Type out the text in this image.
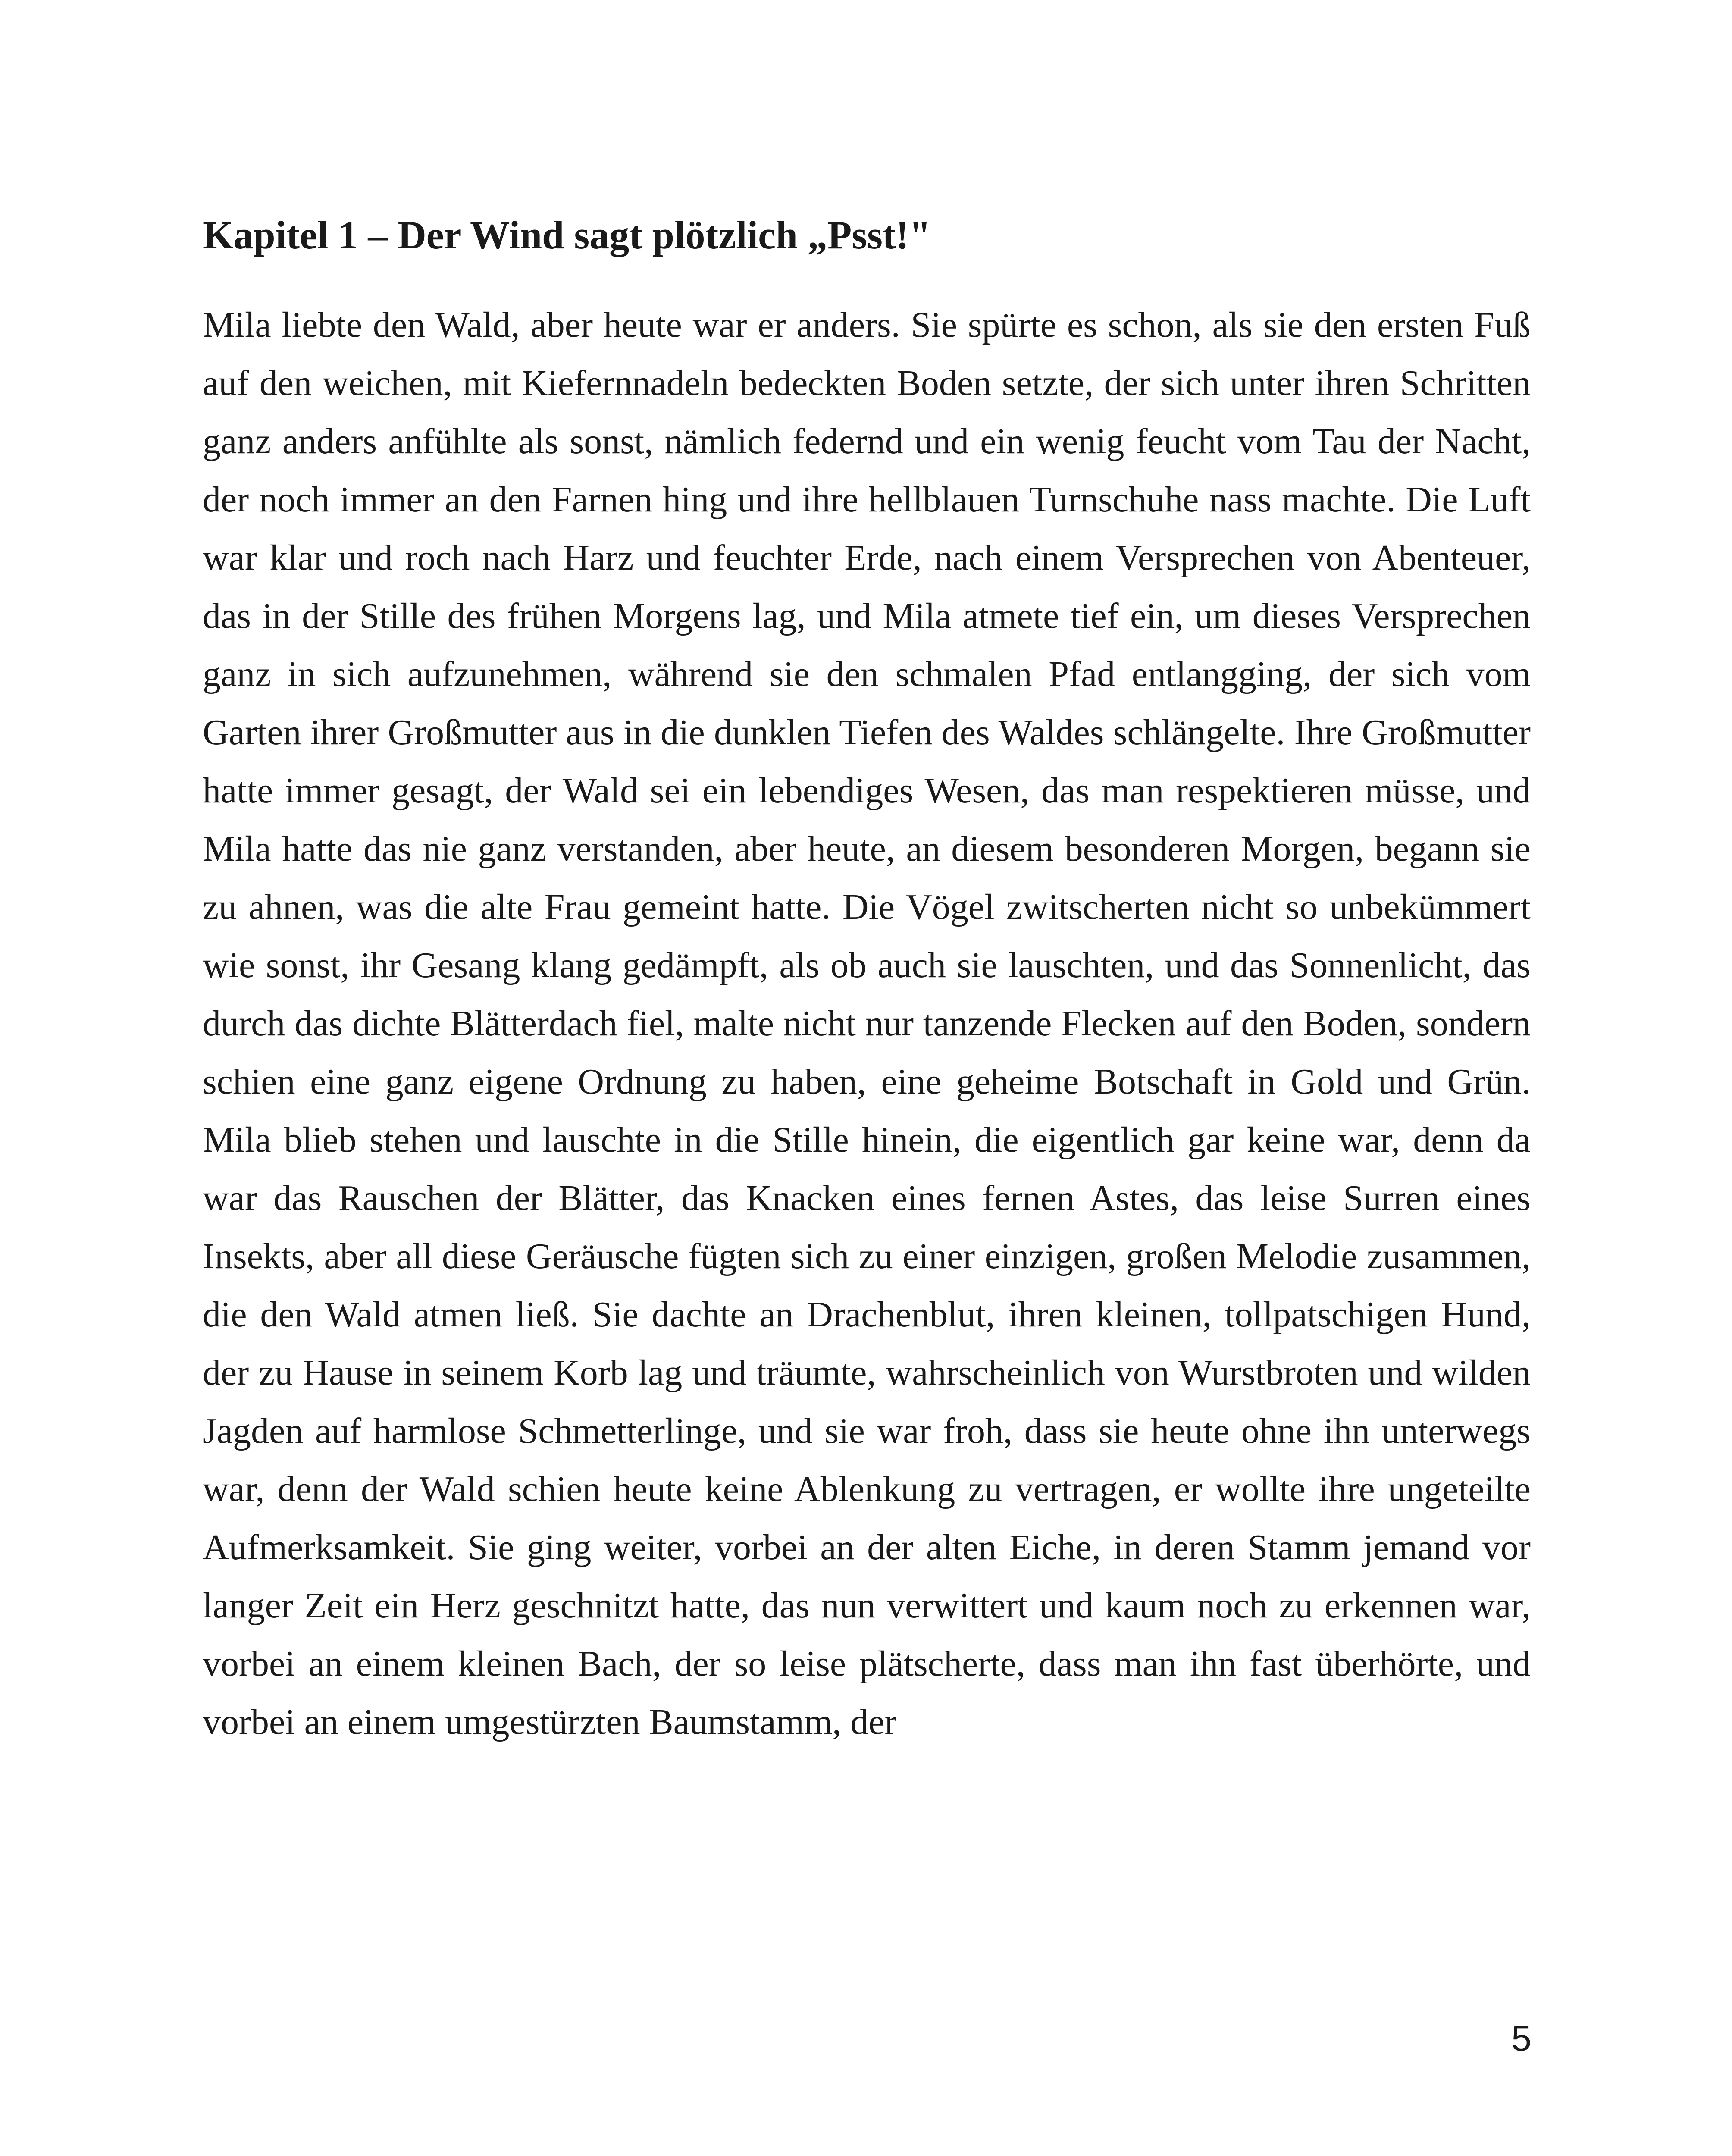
Kapitel 1 – Der Wind sagt plötzlich „Psst!"

Mila liebte den Wald, aber heute war er anders. Sie spürte es schon, als sie den ersten Fuß auf den weichen, mit Kiefernnadeln bedeckten Boden setzte, der sich unter ihren Schritten ganz anders anfühlte als sonst, nämlich federnd und ein wenig feucht vom Tau der Nacht, der noch immer an den Farnen hing und ihre hellblauen Turnschuhe nass machte. Die Luft war klar und roch nach Harz und feuchter Erde, nach einem Versprechen von Abenteuer, das in der Stille des frühen Morgens lag, und Mila atmete tief ein, um dieses Versprechen ganz in sich aufzunehmen, während sie den schmalen Pfad entlangging, der sich vom Garten ihrer Großmutter aus in die dunklen Tiefen des Waldes schlängelte. Ihre Großmutter hatte immer gesagt, der Wald sei ein lebendiges Wesen, das man respektieren müsse, und Mila hatte das nie ganz verstanden, aber heute, an diesem besonderen Morgen, begann sie zu ahnen, was die alte Frau gemeint hatte. Die Vögel zwitscherten nicht so unbekümmert wie sonst, ihr Gesang klang gedämpft, als ob auch sie lauschten, und das Sonnenlicht, das durch das dichte Blätterdach fiel, malte nicht nur tanzende Flecken auf den Boden, sondern schien eine ganz eigene Ordnung zu haben, eine geheime Botschaft in Gold und Grün. Mila blieb stehen und lauschte in die Stille hinein, die eigentlich gar keine war, denn da war das Rauschen der Blätter, das Knacken eines fernen Astes, das leise Surren eines Insekts, aber all diese Geräusche fügten sich zu einer einzigen, großen Melodie zusammen, die den Wald atmen ließ. Sie dachte an Drachenblut, ihren kleinen, tollpatschigen Hund, der zu Hause in seinem Korb lag und träumte, wahrscheinlich von Wurstbroten und wilden Jagden auf harmlose Schmetterlinge, und sie war froh, dass sie heute ohne ihn unterwegs war, denn der Wald schien heute keine Ablenkung zu vertragen, er wollte ihre ungeteilte Aufmerksamkeit. Sie ging weiter, vorbei an der alten Eiche, in deren Stamm jemand vor langer Zeit ein Herz geschnitzt hatte, das nun verwittert und kaum noch zu erkennen war, vorbei an einem kleinen Bach, der so leise plätscherte, dass man ihn fast überhörte, und vorbei an einem umgestürzten Baumstamm, der

5
